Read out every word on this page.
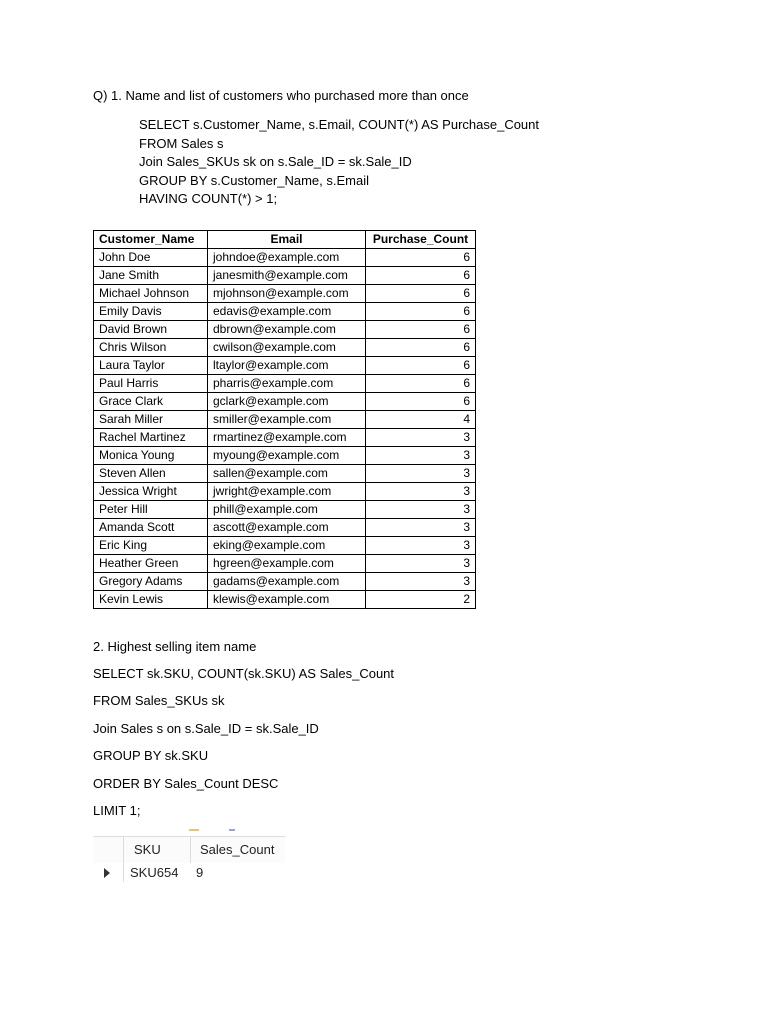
Q) 1. Name and list of customers who purchased more than once
SELECT s.Customer_Name, s.Email, COUNT(*) AS Purchase_Count
FROM Sales s
Join Sales_SKUs sk on s.Sale_ID = sk.Sale_ID
GROUP BY s.Customer_Name, s.Email
HAVING COUNT(*) > 1;
Customer_Name	Email	Purchase_Count
John Doe	johndoe@example.com	6
Jane Smith	janesmith@example.com	6
Michael Johnson	mjohnson@example.com	6
Emily Davis	edavis@example.com	6
David Brown	dbrown@example.com	6
Chris Wilson	cwilson@example.com	6
Laura Taylor	ltaylor@example.com	6
Paul Harris	pharris@example.com	6
Grace Clark	gclark@example.com	6
Sarah Miller	smiller@example.com	4
Rachel Martinez	rmartinez@example.com	3
Monica Young	myoung@example.com	3
Steven Allen	sallen@example.com	3
Jessica Wright	jwright@example.com	3
Peter Hill	phill@example.com	3
Amanda Scott	ascott@example.com	3
Eric King	eking@example.com	3
Heather Green	hgreen@example.com	3
Gregory Adams	gadams@example.com	3
Kevin Lewis	klewis@example.com	2
2. Highest selling item name
SELECT sk.SKU, COUNT(sk.SKU) AS Sales_Count
FROM Sales_SKUs sk
Join Sales s on s.Sale_ID = sk.Sale_ID
GROUP BY sk.SKU
ORDER BY Sales_Count DESC
LIMIT 1;
SKU	Sales_Count
SKU654 9
